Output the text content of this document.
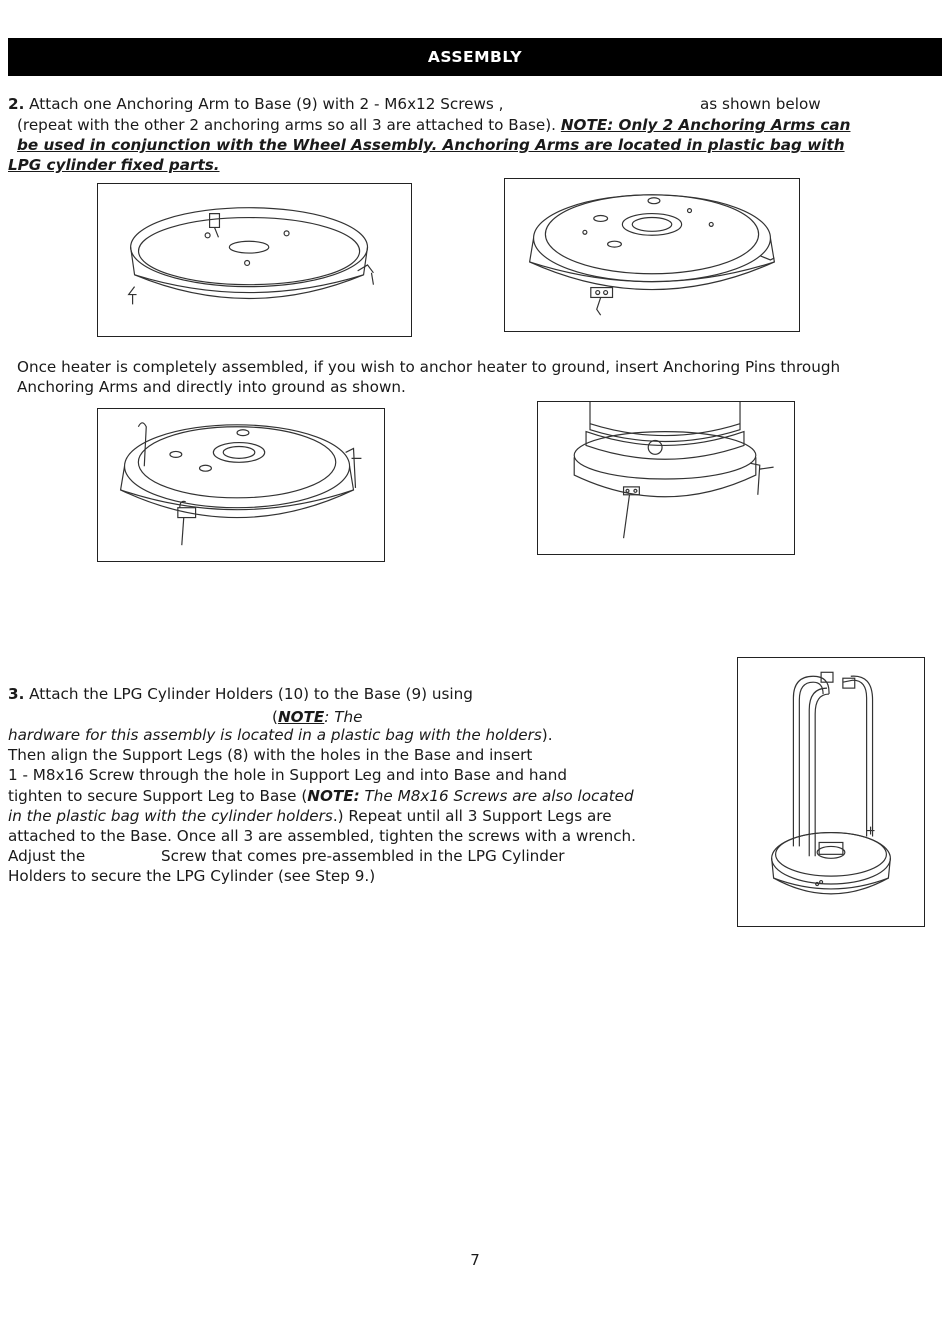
ASSEMBLY
2. Attach one Anchoring Arm to Base (9) with 2 - M6x12 Screws ,	as shown below
(repeat with the other 2 anchoring arms so all 3 are attached to Base). NOTE: Only 2 Anchoring Arms can
be used in conjunction with the Wheel Assembly. Anchoring Arms are located in plastic bag with
LPG cylinder fixed parts.
Once heater is completely assembled, if you wish to anchor heater to ground, insert Anchoring Pins through
Anchoring Arms and directly into ground as shown.
3. Attach the LPG Cylinder Holders (10) to the Base (9) using
(NOTE: The
hardware for this assembly is located in a plastic bag with the holders).
Then align the Support Legs (8) with the holes in the Base and insert
1 - M8x16 Screw through the hole in Support Leg and into Base and hand
tighten to secure Support Leg to Base (NOTE: The M8x16 Screws are also located
in the plastic bag with the cylinder holders.) Repeat until all 3 Support Legs are
attached to the Base. Once all 3 are assembled, tighten the screws with a wrench.
Adjust the	Screw that comes pre-assembled in the LPG Cylinder
Holders to secure the LPG Cylinder (see Step 9.)
7
